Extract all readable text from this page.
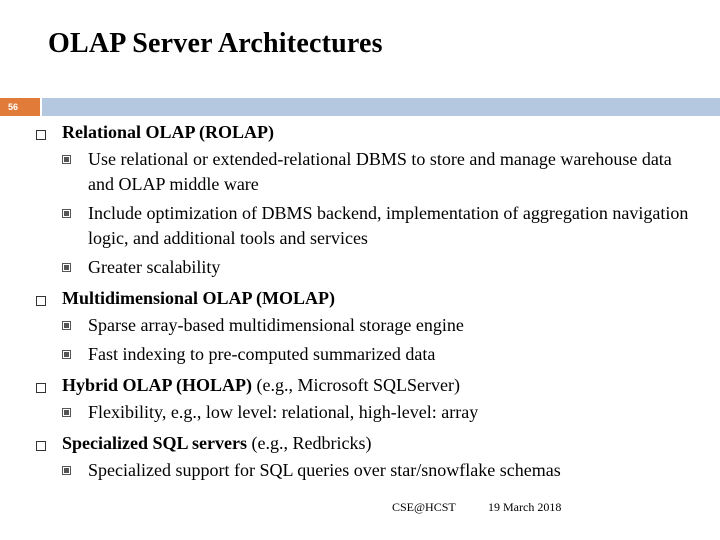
OLAP Server Architectures
56
Relational OLAP (ROLAP)
Use relational or extended-relational DBMS to store and manage warehouse data and OLAP middle ware
Include optimization of DBMS backend, implementation of aggregation navigation logic, and additional tools and services
Greater scalability
Multidimensional OLAP (MOLAP)
Sparse array-based multidimensional storage engine
Fast indexing to pre-computed summarized data
Hybrid OLAP (HOLAP) (e.g., Microsoft SQLServer)
Flexibility, e.g., low level: relational, high-level: array
Specialized SQL servers (e.g., Redbricks)
Specialized support for SQL queries over star/snowflake schemas
CSE@HCST	19 March 2018
